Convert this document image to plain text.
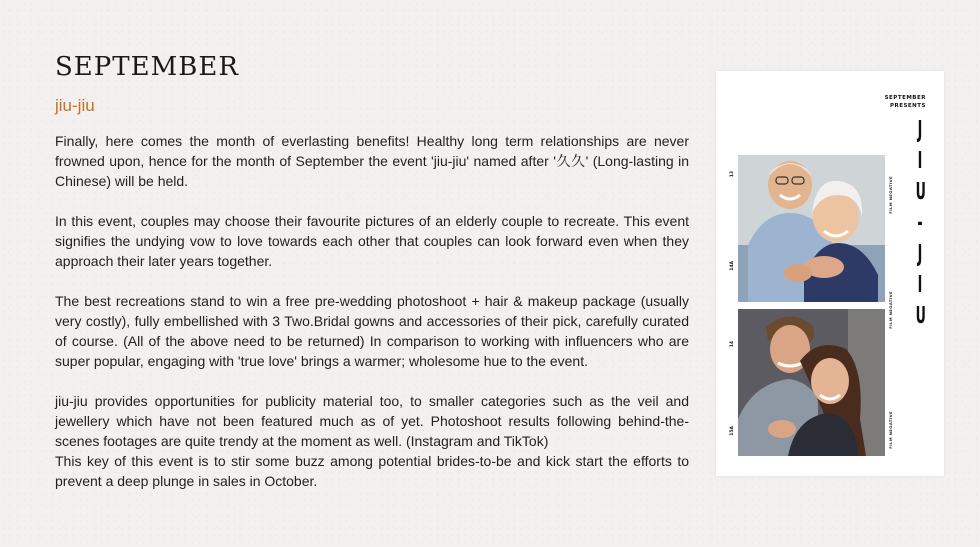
SEPTEMBER
jiu-jiu

Finally, here comes the month of everlasting benefits! Healthy long term relationships are never frowned upon, hence for the month of September the event 'jiu-jiu' named after '久久' (Long-lasting in Chinese) will be held.

In this event, couples may choose their favourite pictures of an elderly couple to recreate. This event signifies the undying vow to love towards each other that couples can look forward even when they approach their later years together.

The best recreations stand to win a free pre-wedding photoshoot + hair & makeup package (usually very costly), fully embellished with 3 Two.Bridal gowns and accessories of their pick, carefully curated of course. (All of the above need to be returned) In comparison to working with influencers who are super popular, engaging with 'true love' brings a warmer; wholesome hue to the event.

jiu-jiu provides opportunities for publicity material too, to smaller categories such as the veil and jewellery which have not been featured much as of yet. Photoshoot results following behind-the-scenes footages are quite trendy at the moment as well. (Instagram and TikTok)

This key of this event is to stir some buzz among potential brides-to-be and kick start the efforts to prevent a deep plunge in sales in October.

SEPTEMBER
PRESENTS
J
I
U
-
J
I
U
13
14A
14
15A
FILM NEGATIVE
FILM NEGATIVE
FILM NEGATIVE
